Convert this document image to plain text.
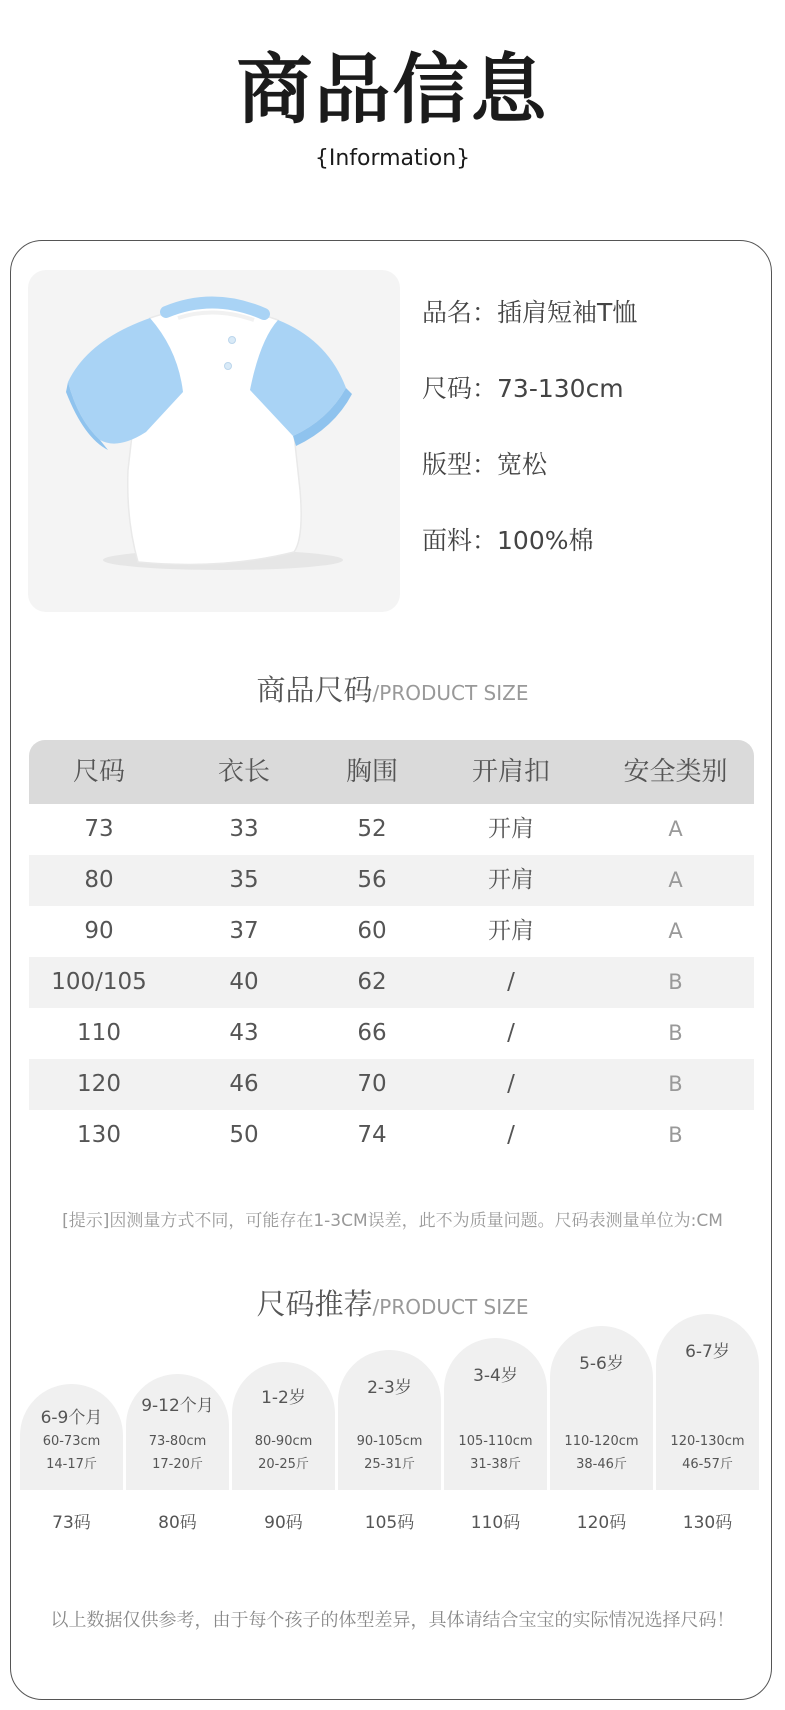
商品信息
{Information}
品名：插肩短袖T恤
尺码：73-130cm
版型：宽松
面料：100%棉
商品尺码/PRODUCT SIZE
尺码	衣长	胸围	开肩扣	安全类别
73	33	52	开肩	A
80	35	56	开肩	A
90	37	60	开肩	A
100/105	40	62	/	B
110	43	66	/	B
120	46	70	/	B
130	50	74	/	B
[提示]因测量方式不同，可能存在1-3CM误差，此不为质量问题。尺码表测量单位为:CM
尺码推荐/PRODUCT SIZE
6-9个月
60-73cm
14-17斤
73码
9-12个月
73-80cm
17-20斤
80码
1-2岁
80-90cm
20-25斤
90码
2-3岁
90-105cm
25-31斤
105码
3-4岁
105-110cm
31-38斤
110码
5-6岁
110-120cm
38-46斤
120码
6-7岁
120-130cm
46-57斤
130码
以上数据仅供参考，由于每个孩子的体型差异，具体请结合宝宝的实际情况选择尺码！
